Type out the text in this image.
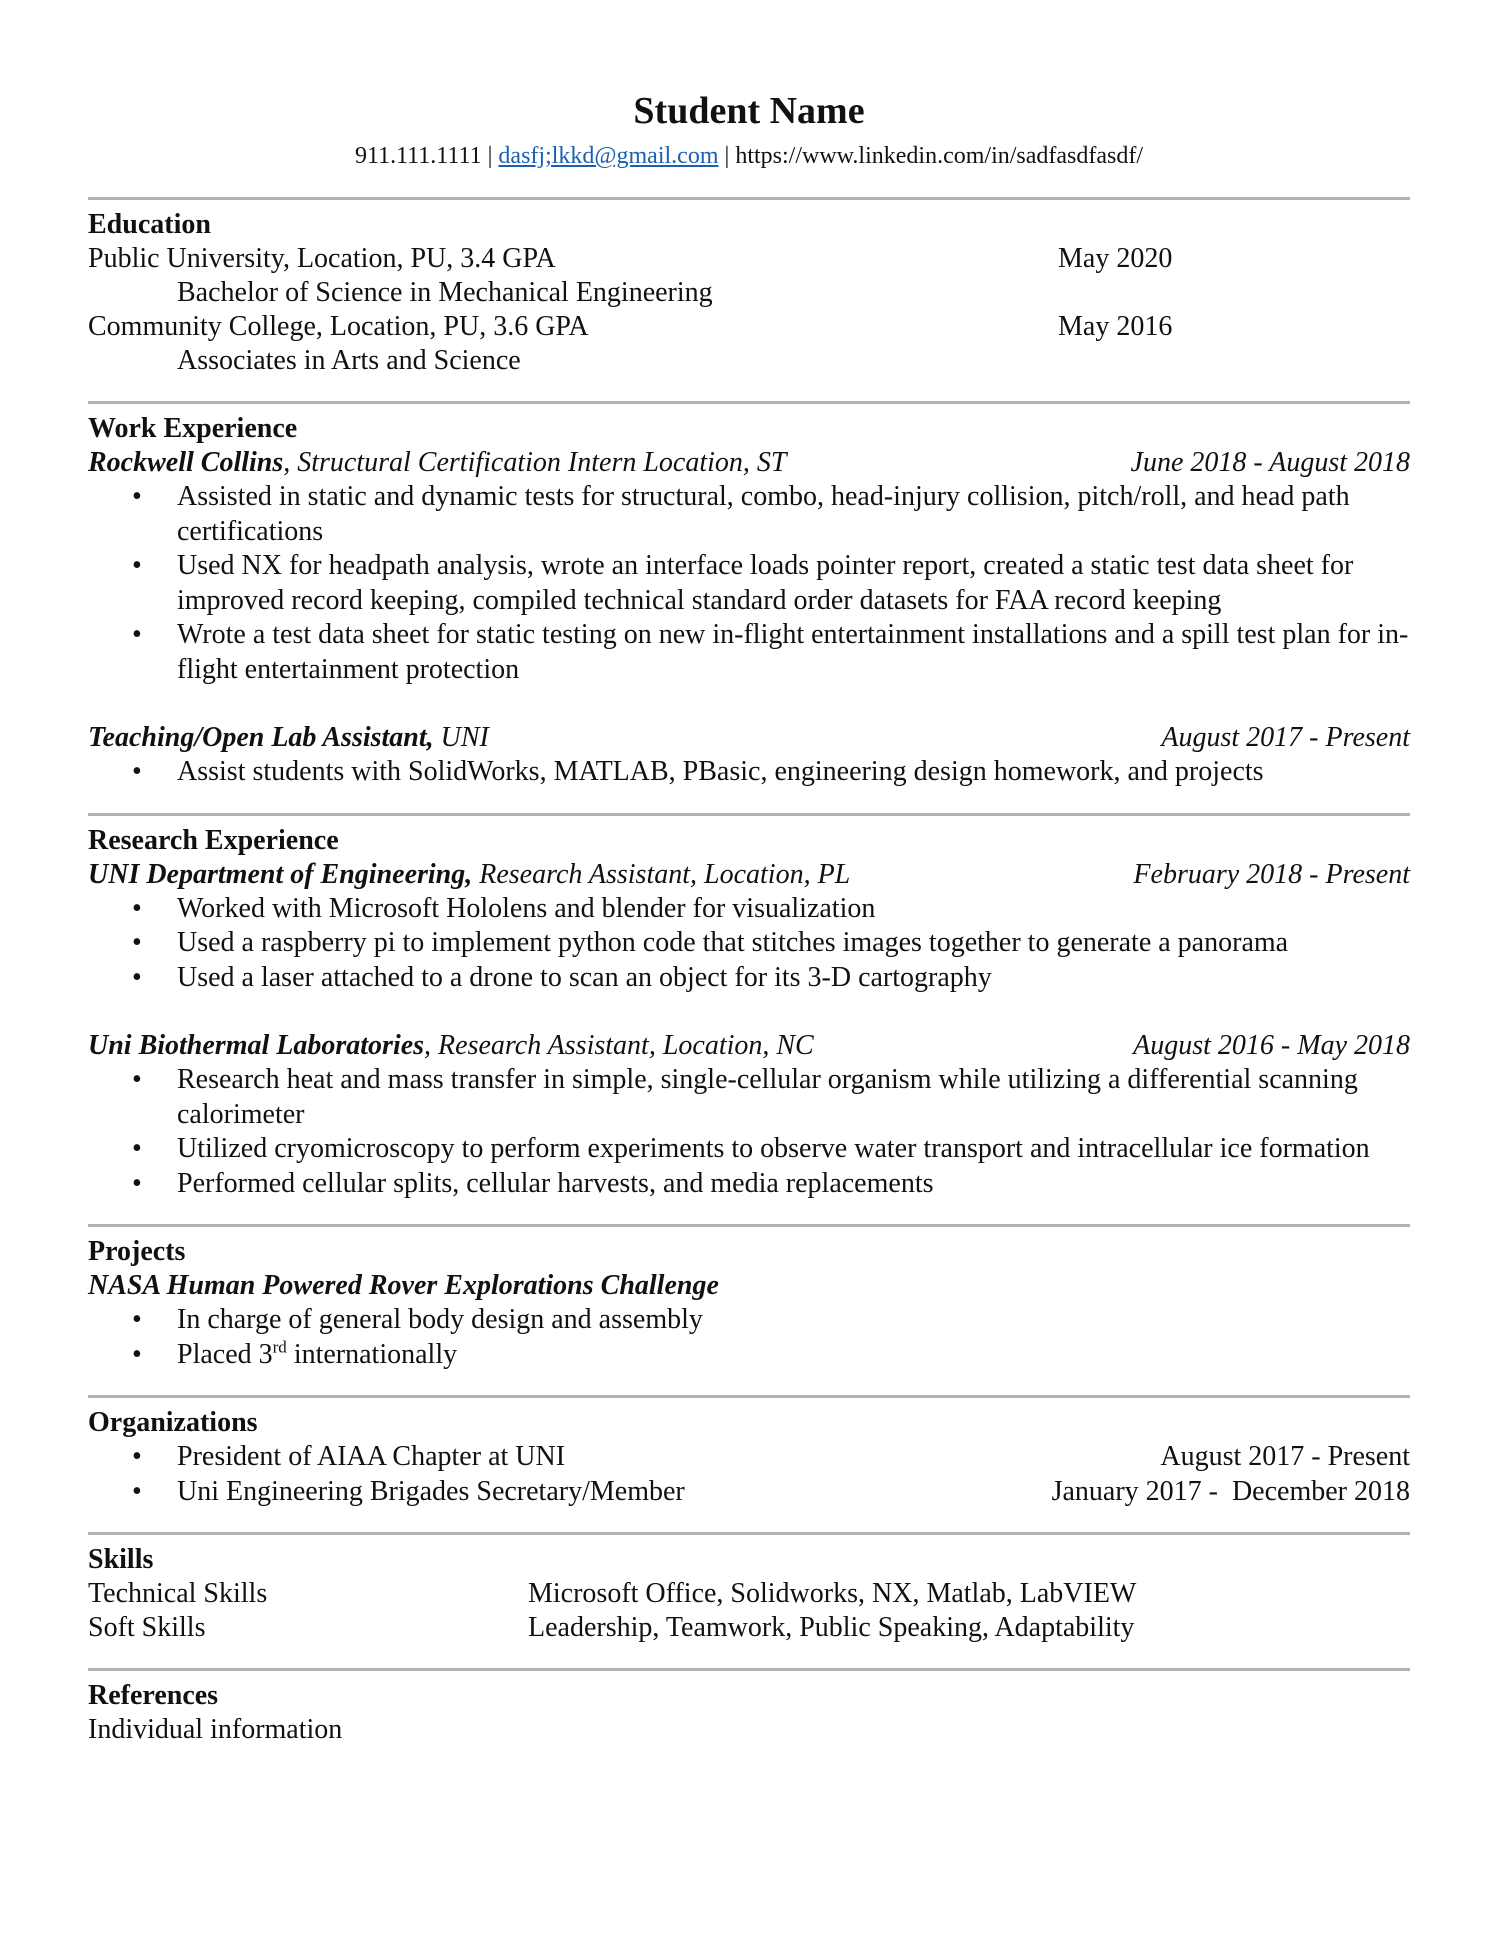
Student Name
911.111.1111 | dasfj;lkkd@gmail.com | https://www.linkedin.com/in/sadfasdfasdf/
Education
Public University, Location, PU, 3.4 GPA	May 2020
Bachelor of Science in Mechanical Engineering
Community College, Location, PU, 3.6 GPA	May 2016
Associates in Arts and Science
Work Experience
Rockwell Collins, Structural Certification Intern Location, ST	June 2018 - August 2018
• Assisted in static and dynamic tests for structural, combo, head-injury collision, pitch/roll, and head path certifications
• Used NX for headpath analysis, wrote an interface loads pointer report, created a static test data sheet for improved record keeping, compiled technical standard order datasets for FAA record keeping
• Wrote a test data sheet for static testing on new in-flight entertainment installations and a spill test plan for in-flight entertainment protection
Teaching/Open Lab Assistant, UNI	August 2017 - Present
• Assist students with SolidWorks, MATLAB, PBasic, engineering design homework, and projects
Research Experience
UNI Department of Engineering, Research Assistant, Location, PL	February 2018 - Present
• Worked with Microsoft Hololens and blender for visualization
• Used a raspberry pi to implement python code that stitches images together to generate a panorama
• Used a laser attached to a drone to scan an object for its 3-D cartography
Uni Biothermal Laboratories, Research Assistant, Location, NC	August 2016 - May 2018
• Research heat and mass transfer in simple, single-cellular organism while utilizing a differential scanning calorimeter
• Utilized cryomicroscopy to perform experiments to observe water transport and intracellular ice formation
• Performed cellular splits, cellular harvests, and media replacements
Projects
NASA Human Powered Rover Explorations Challenge
• In charge of general body design and assembly
• Placed 3rd internationally
Organizations
• President of AIAA Chapter at UNI	August 2017 - Present
• Uni Engineering Brigades Secretary/Member	January 2017 -  December 2018
Skills
Technical Skills	Microsoft Office, Solidworks, NX, Matlab, LabVIEW
Soft Skills	Leadership, Teamwork, Public Speaking, Adaptability
References
Individual information
